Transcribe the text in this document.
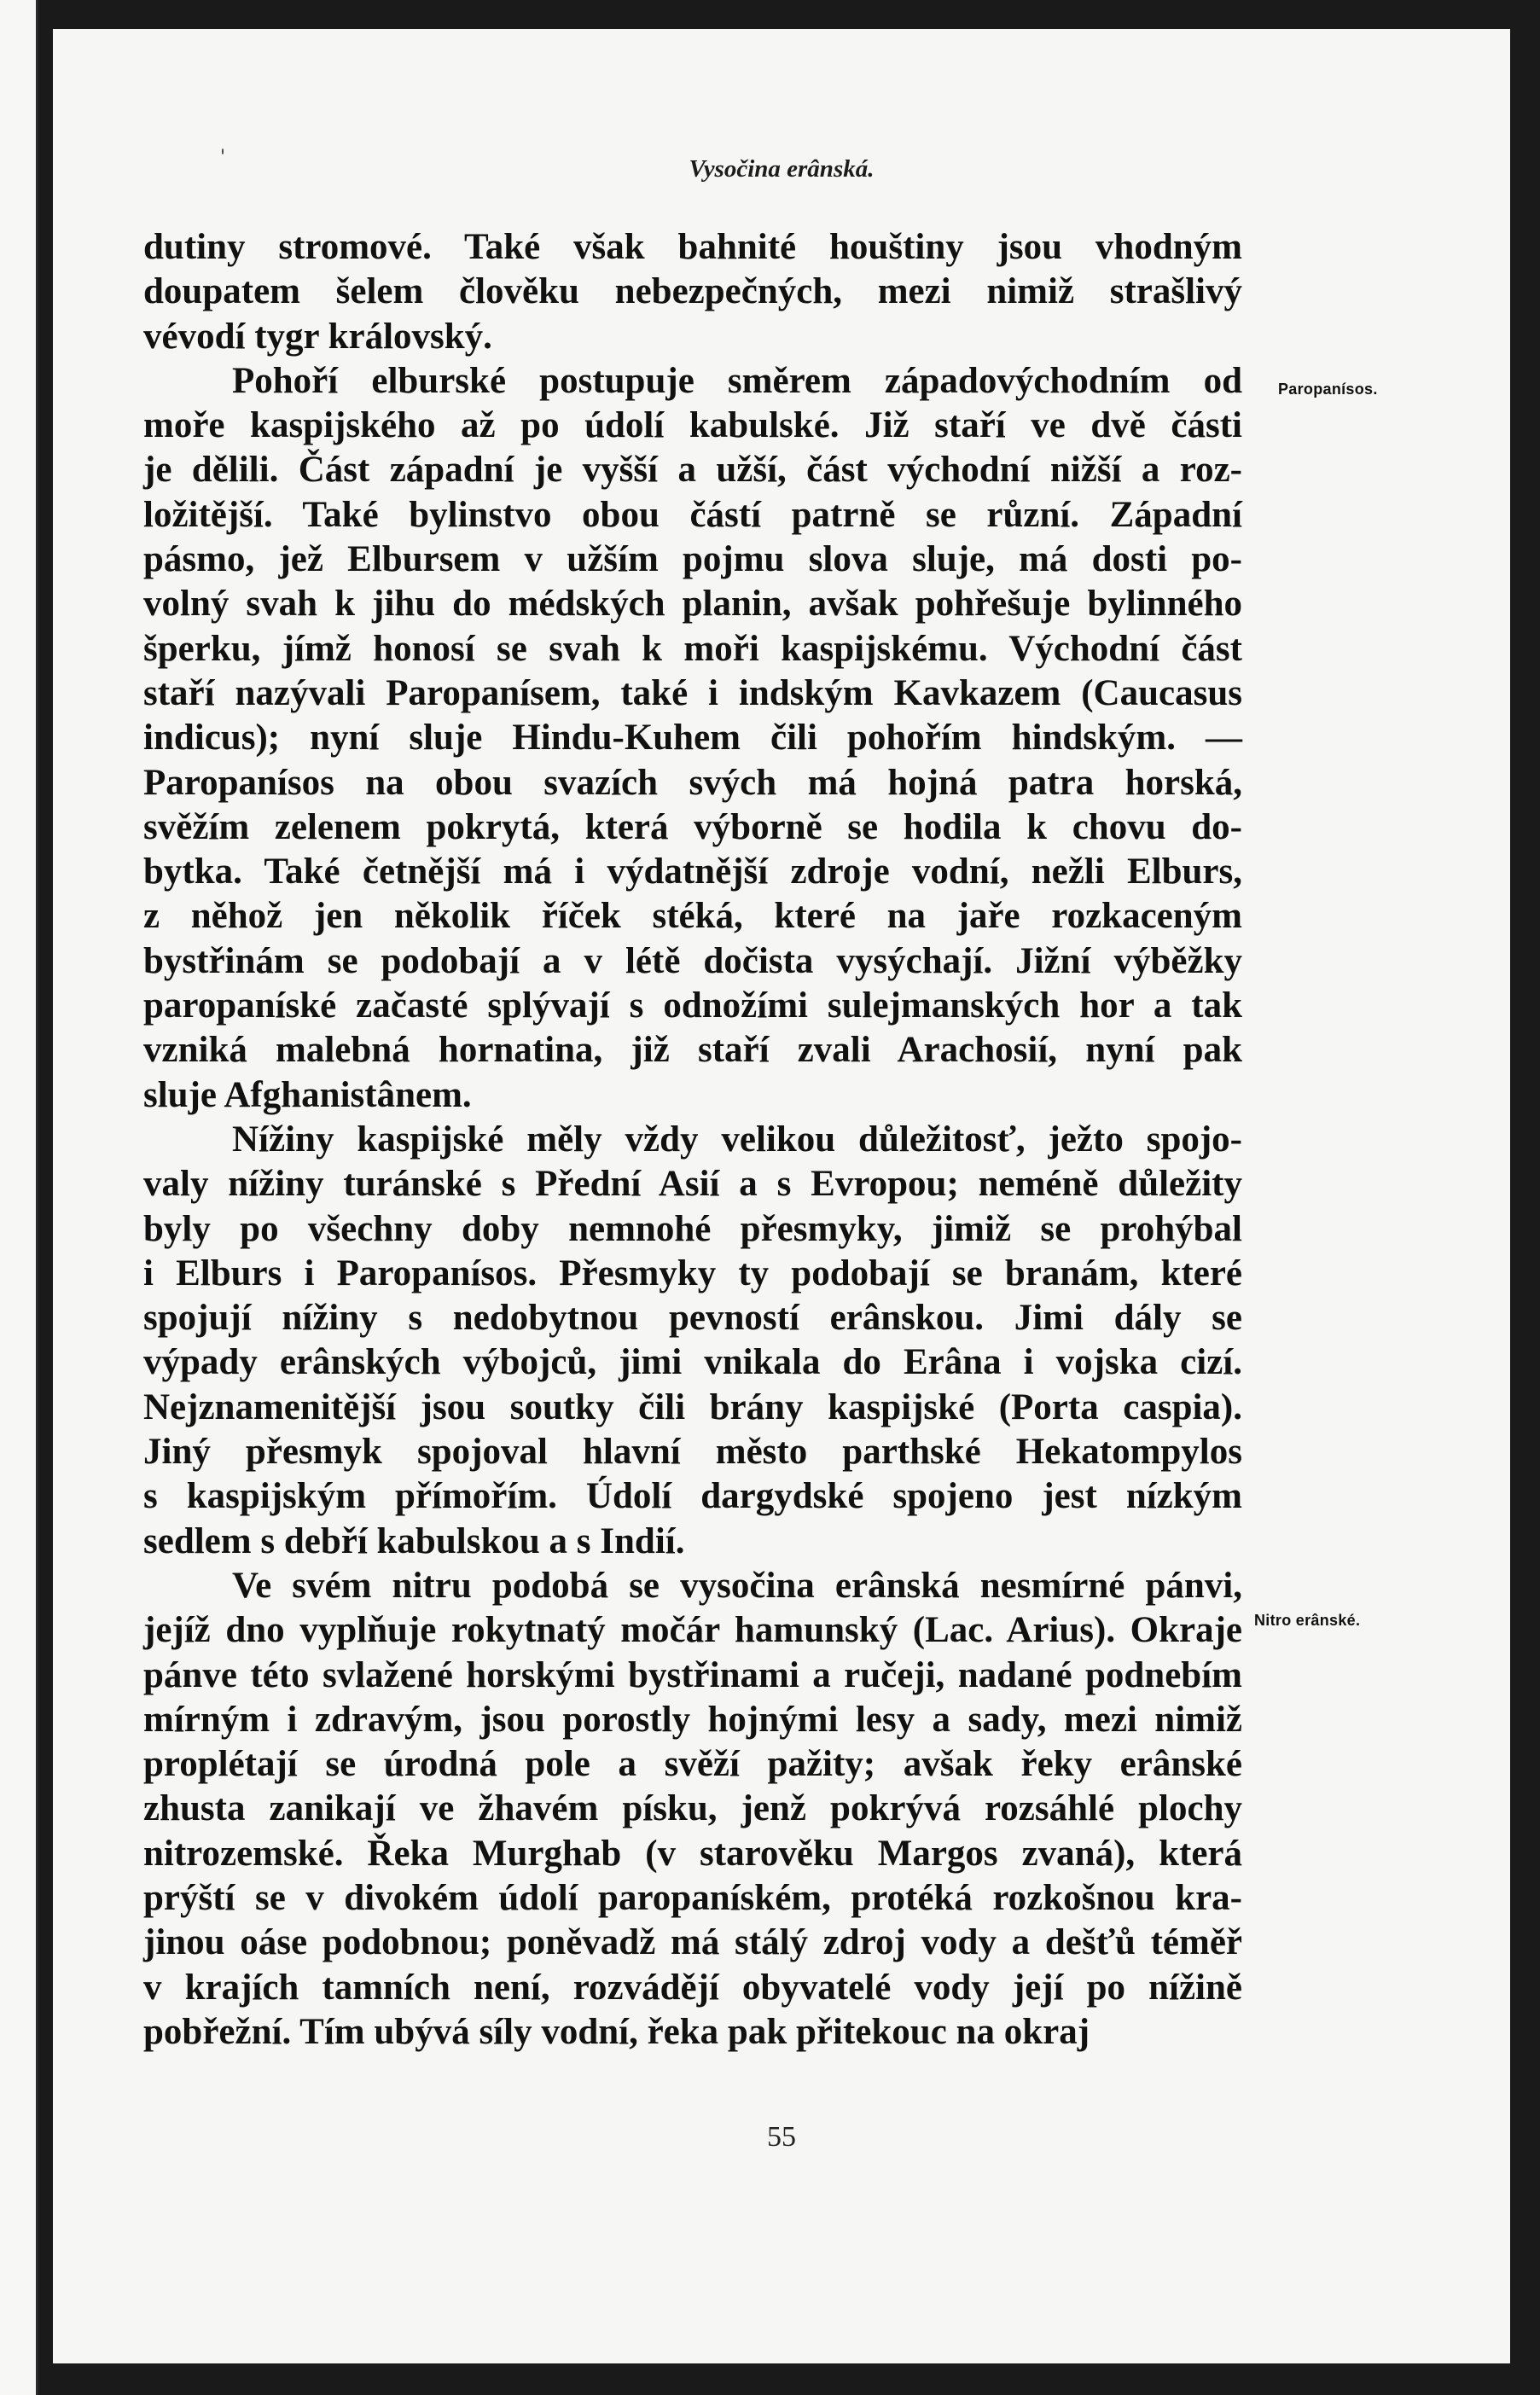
'	Vysočina erânská.
dutiny stromové. Také však bahnité houštiny jsou vhodným
doupatem šelem člověku nebezpečných, mezi nimiž strašlivý
vévodí tygr královský.
Pohoří elburské postupuje směrem západovýchodním od
moře kaspijského až po údolí kabulské. Již staří ve dvě části
je dělili. Část západní je vyšší a užší, část východní nižší a roz-
ložitější. Také bylinstvo obou částí patrně se různí. Západní
pásmo, jež Elbursem v užším pojmu slova sluje, má dosti po-
volný svah k jihu do médských planin, avšak pohřešuje bylinného
šperku, jímž honosí se svah k moři kaspijskému. Východní část
staří nazývali Paropanísem, také i indským Kavkazem (Caucasus
indicus); nyní sluje Hindu-Kuhem čili pohořím hindským. —
Paropanísos na obou svazích svých má hojná patra horská,
svěžím zelenem pokrytá, která výborně se hodila k chovu do-
bytka. Také četnější má i výdatnější zdroje vodní, nežli Elburs,
z něhož jen několik říček stéká, které na jaře rozkaceným
bystřinám se podobají a v létě dočista vysýchají. Jižní výběžky
paropaníské začasté splývají s odnožími sulejmanských hor a tak
vzniká malebná hornatina, již staří zvali Arachosií, nyní pak
sluje Afghanistânem.
Nížiny kaspijské měly vždy velikou důležitosť, ježto spojo-
valy nížiny turánské s Přední Asií a s Evropou; neméně důležity
byly po všechny doby nemnohé přesmyky, jimiž se prohýbal
i Elburs i Paropanísos. Přesmyky ty podobají se branám, které
spojují nížiny s nedobytnou pevností erânskou. Jimi dály se
výpady erânských výbojců, jimi vnikala do Erâna i vojska cizí.
Nejznamenitější jsou soutky čili brány kaspijské (Porta caspia).
Jiný přesmyk spojoval hlavní město parthské Hekatompylos
s kaspijským přímořím. Údolí dargydské spojeno jest nízkým
sedlem s debří kabulskou a s Indií.
Ve svém nitru podobá se vysočina erânská nesmírné pánvi,
jejíž dno vyplňuje rokytnatý močár hamunský (Lac. Arius). Okraje
pánve této svlažené horskými bystřinami a ručeji, nadané podnebím
mírným i zdravým, jsou porostly hojnými lesy a sady, mezi nimiž
proplétají se úrodná pole a svěží pažity; avšak řeky erânské
zhusta zanikají ve žhavém písku, jenž pokrývá rozsáhlé plochy
nitrozemské. Řeka Murghab (v starověku Margos zvaná), která
prýští se v divokém údolí paropaníském, protéká rozkošnou kra-
jinou oáse podobnou; poněvadž má stálý zdroj vody a dešťů téměř
v krajích tamních není, rozvádějí obyvatelé vody její po nížině
pobřežní. Tím ubývá síly vodní, řeka pak přitekouc na okraj
Paropanísos.
Nitro erânské.
55
